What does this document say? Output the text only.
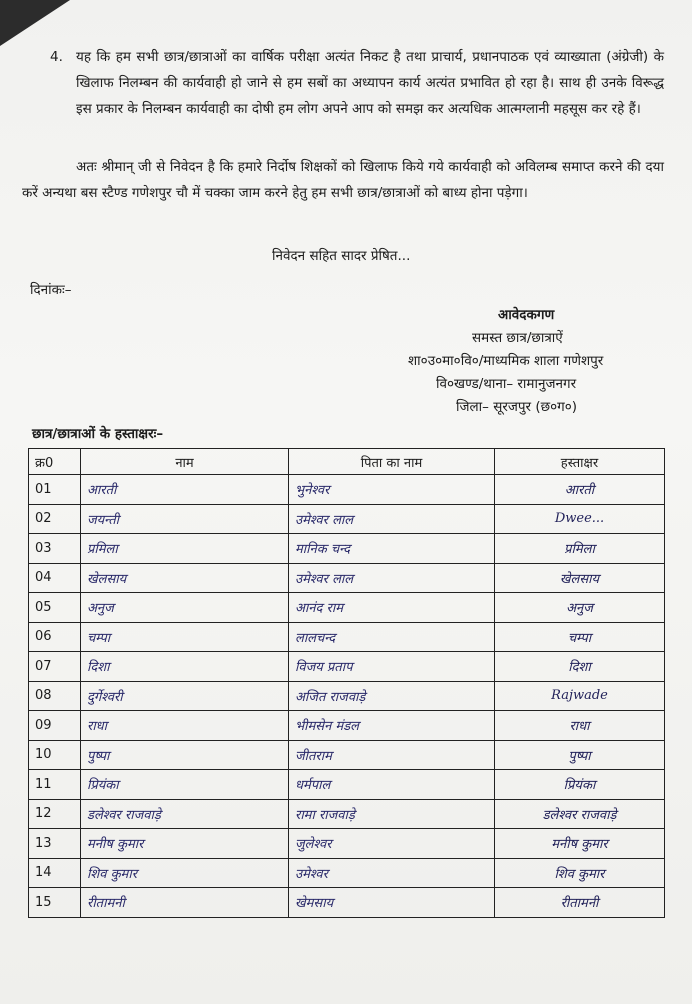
4. यह कि हम सभी छात्र/छात्राओं का वार्षिक परीक्षा अत्यंत निकट है तथा प्राचार्य, प्रधानपाठक एवं व्याख्याता (अंग्रेजी) के खिलाफ निलम्बन की कार्यवाही हो जाने से हम सबों का अध्यापन कार्य अत्यंत प्रभावित हो रहा है। साथ ही उनके विरूद्ध इस प्रकार के निलम्बन कार्यवाही का दोषी हम लोग अपने आप को समझ कर अत्यधिक आत्मग्लानी महसूस कर रहे हैं।
अतः श्रीमान् जी से निवेदन है कि हमारे निर्दोष शिक्षकों को खिलाफ किये गये कार्यवाही को अविलम्ब समाप्त करने की दया करें अन्यथा बस स्टैण्ड गणेशपुर चौ में चक्का जाम करने हेतु हम सभी छात्र/छात्राओं को बाध्य होना पड़ेगा।
निवेदन सहित सादर प्रेषित...
दिनांकः–
आवेदकगण
समस्त छात्र/छात्राऐं
शा०उ०मा०वि०/माध्यमिक शाला गणेशपुर
वि०खण्ड/थाना– रामानुजनगर
जिला– सूरजपुर (छ०ग०)
छात्र/छात्राओं के हस्ताक्षरः–
क्र0	नाम	पिता का नाम	हस्ताक्षर
01	आरती	भुनेश्वर	आरती
02	जयन्ती	उमेश्वर लाल	Dwee...
03	प्रमिला	मानिक चन्द	प्रमिला
04	खेलसाय	उमेश्वर लाल	खेलसाय
05	अनुज	आनंद राम	अनुज
06	चम्पा	लालचन्द	चम्पा
07	दिशा	विजय प्रताप	दिशा
08	दुर्गेश्वरी	अजित राजवाड़े	Rajwade
09	राधा	भीमसेन मंडल	राधा
10	पुष्पा	जीतराम	पुष्पा
11	प्रियंका	धर्मपाल	प्रियंका
12	डलेश्वर राजवाड़े	रामा राजवाड़े	डलेश्वर राजवाड़े
13	मनीष कुमार	जुलेश्वर	मनीष कुमार
14	शिव कुमार	उमेश्वर	शिव कुमार
15	रीतामनी	खेमसाय	रीतामनी
